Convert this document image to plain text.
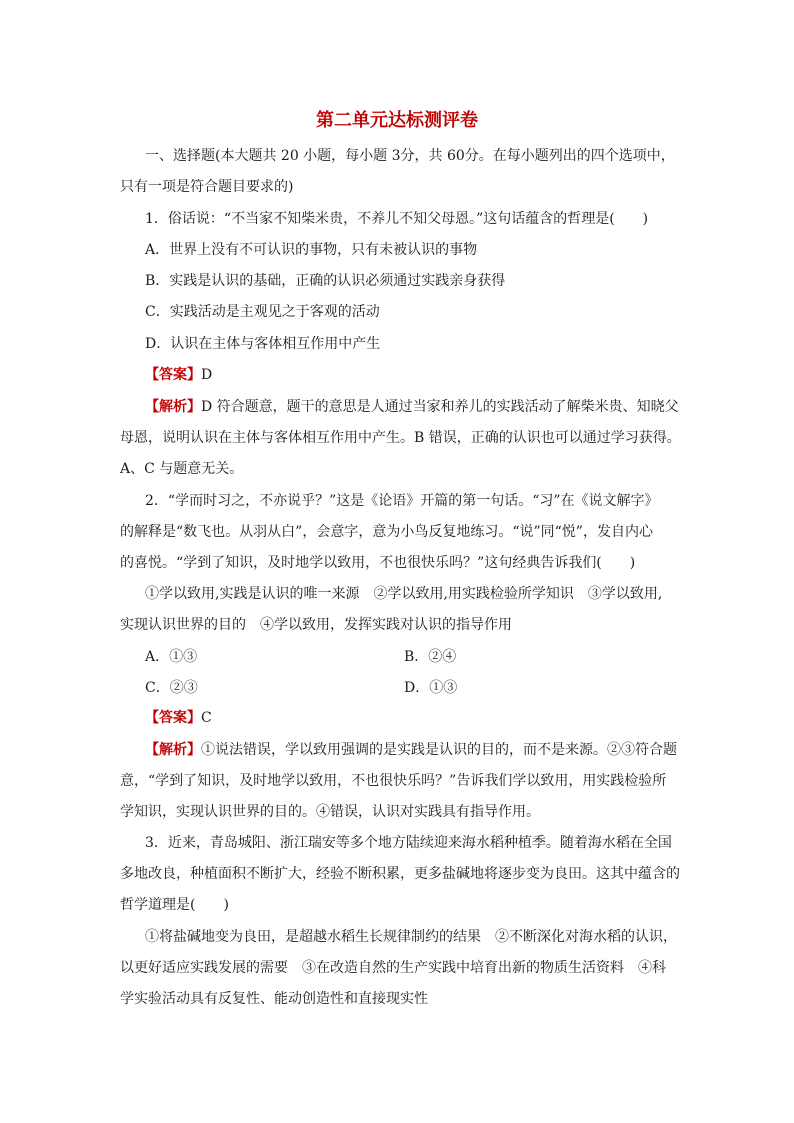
第二单元达标测评卷
一、选择题(本大题共 20 小题，每小题 3分，共 60分。在每小题列出的四个选项中，
只有一项是符合题目要求的)
1．俗话说：“不当家不知柴米贵，不养儿不知父母恩。”这句话蕴含的哲理是(　　)
A．世界上没有不可认识的事物，只有未被认识的事物
B．实践是认识的基础，正确的认识必须通过实践亲身获得
C．实践活动是主观见之于客观的活动
D．认识在主体与客体相互作用中产生
【答案】D
【解析】D 符合题意，题干的意思是人通过当家和养儿的实践活动了解柴米贵、知晓父
母恩，说明认识在主体与客体相互作用中产生。B 错误，正确的认识也可以通过学习获得。
A、C 与题意无关。
2．“学而时习之，不亦说乎？”这是《论语》开篇的第一句话。“习”在《说文解字》
的解释是“数飞也。从羽从白”，会意字，意为小鸟反复地练习。“说”同“悦”，发自内心
的喜悦。“学到了知识，及时地学以致用，不也很快乐吗？”这句经典告诉我们(　　)
①学以致用,实践是认识的唯一来源　②学以致用,用实践检验所学知识　③学以致用,
实现认识世界的目的　④学以致用，发挥实践对认识的指导作用
A．①③	B．②④
C．②③	D．①③
【答案】C
【解析】①说法错误，学以致用强调的是实践是认识的目的，而不是来源。②③符合题
意，“学到了知识，及时地学以致用，不也很快乐吗？”告诉我们学以致用，用实践检验所
学知识，实现认识世界的目的。④错误，认识对实践具有指导作用。
3．近来，青岛城阳、浙江瑞安等多个地方陆续迎来海水稻种植季。随着海水稻在全国
多地改良，种植面积不断扩大，经验不断积累，更多盐碱地将逐步变为良田。这其中蕴含的
哲学道理是(　　)
①将盐碱地变为良田，是超越水稻生长规律制约的结果　②不断深化对海水稻的认识，
以更好适应实践发展的需要　③在改造自然的生产实践中培育出新的物质生活资料　④科
学实验活动具有反复性、能动创造性和直接现实性
